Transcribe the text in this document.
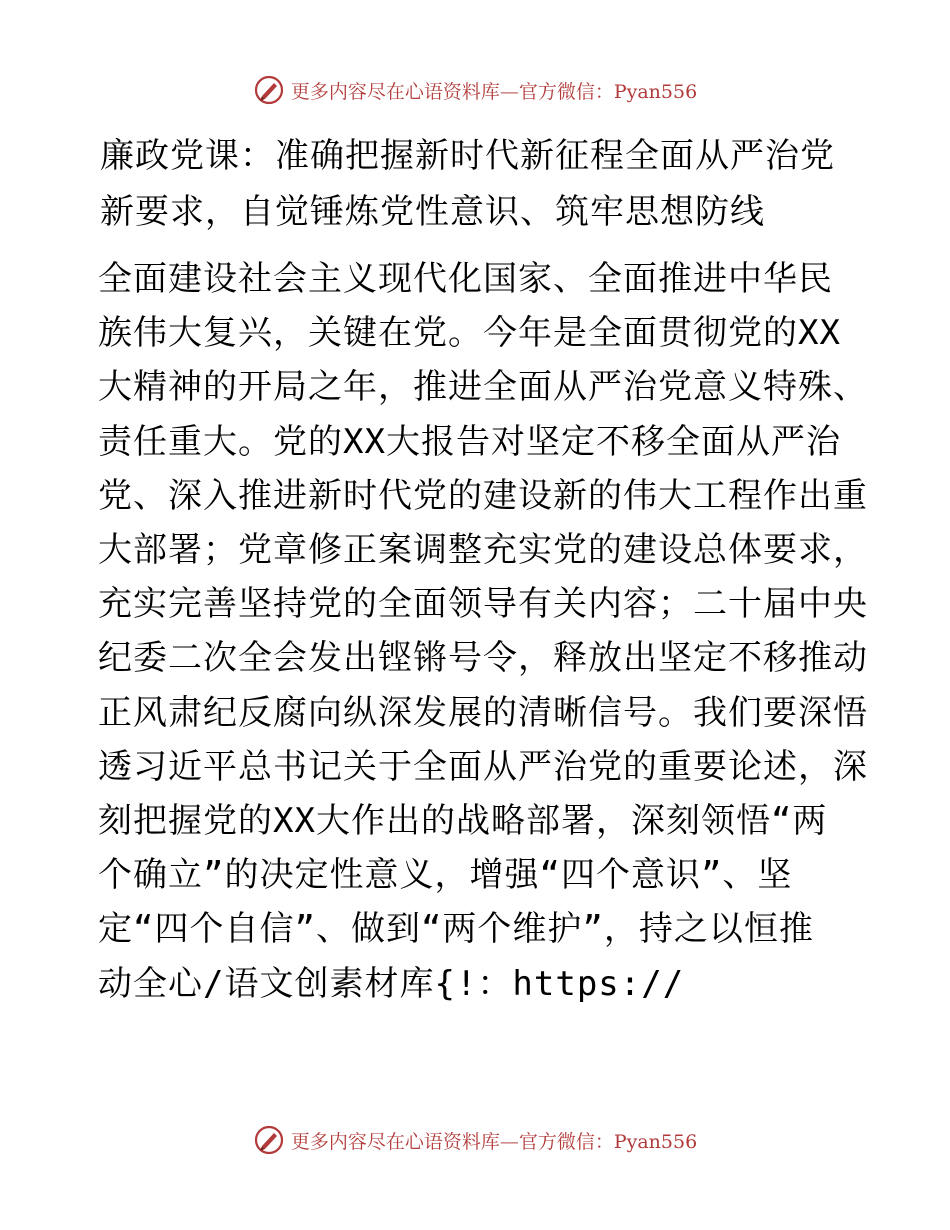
更多内容尽在心语资料库—官方微信：Pyan556
廉政党课：准确把握新时代新征程全面从严治党
新要求，自觉锤炼党性意识、筑牢思想防线
全面建设社会主义现代化国家、全面推进中华民
族伟大复兴，关键在党。今年是全面贯彻党的XX
大精神的开局之年，推进全面从严治党意义特殊、
责任重大。党的XX大报告对坚定不移全面从严治
党、深入推进新时代党的建设新的伟大工程作出重
大部署；党章修正案调整充实党的建设总体要求，
充实完善坚持党的全面领导有关内容；二十届中央
纪委二次全会发出铿锵号令，释放出坚定不移推动
正风肃纪反腐向纵深发展的清晰信号。我们要深悟
透习近平总书记关于全面从严治党的重要论述，深
刻把握党的XX大作出的战略部署，深刻领悟“两
个确立”的决定性意义，增强“四个意识”、坚
定“四个自信”、做到“两个维护”，持之以恒推
动全心/语文创素材库{!：https://
更多内容尽在心语资料库—官方微信：Pyan556
